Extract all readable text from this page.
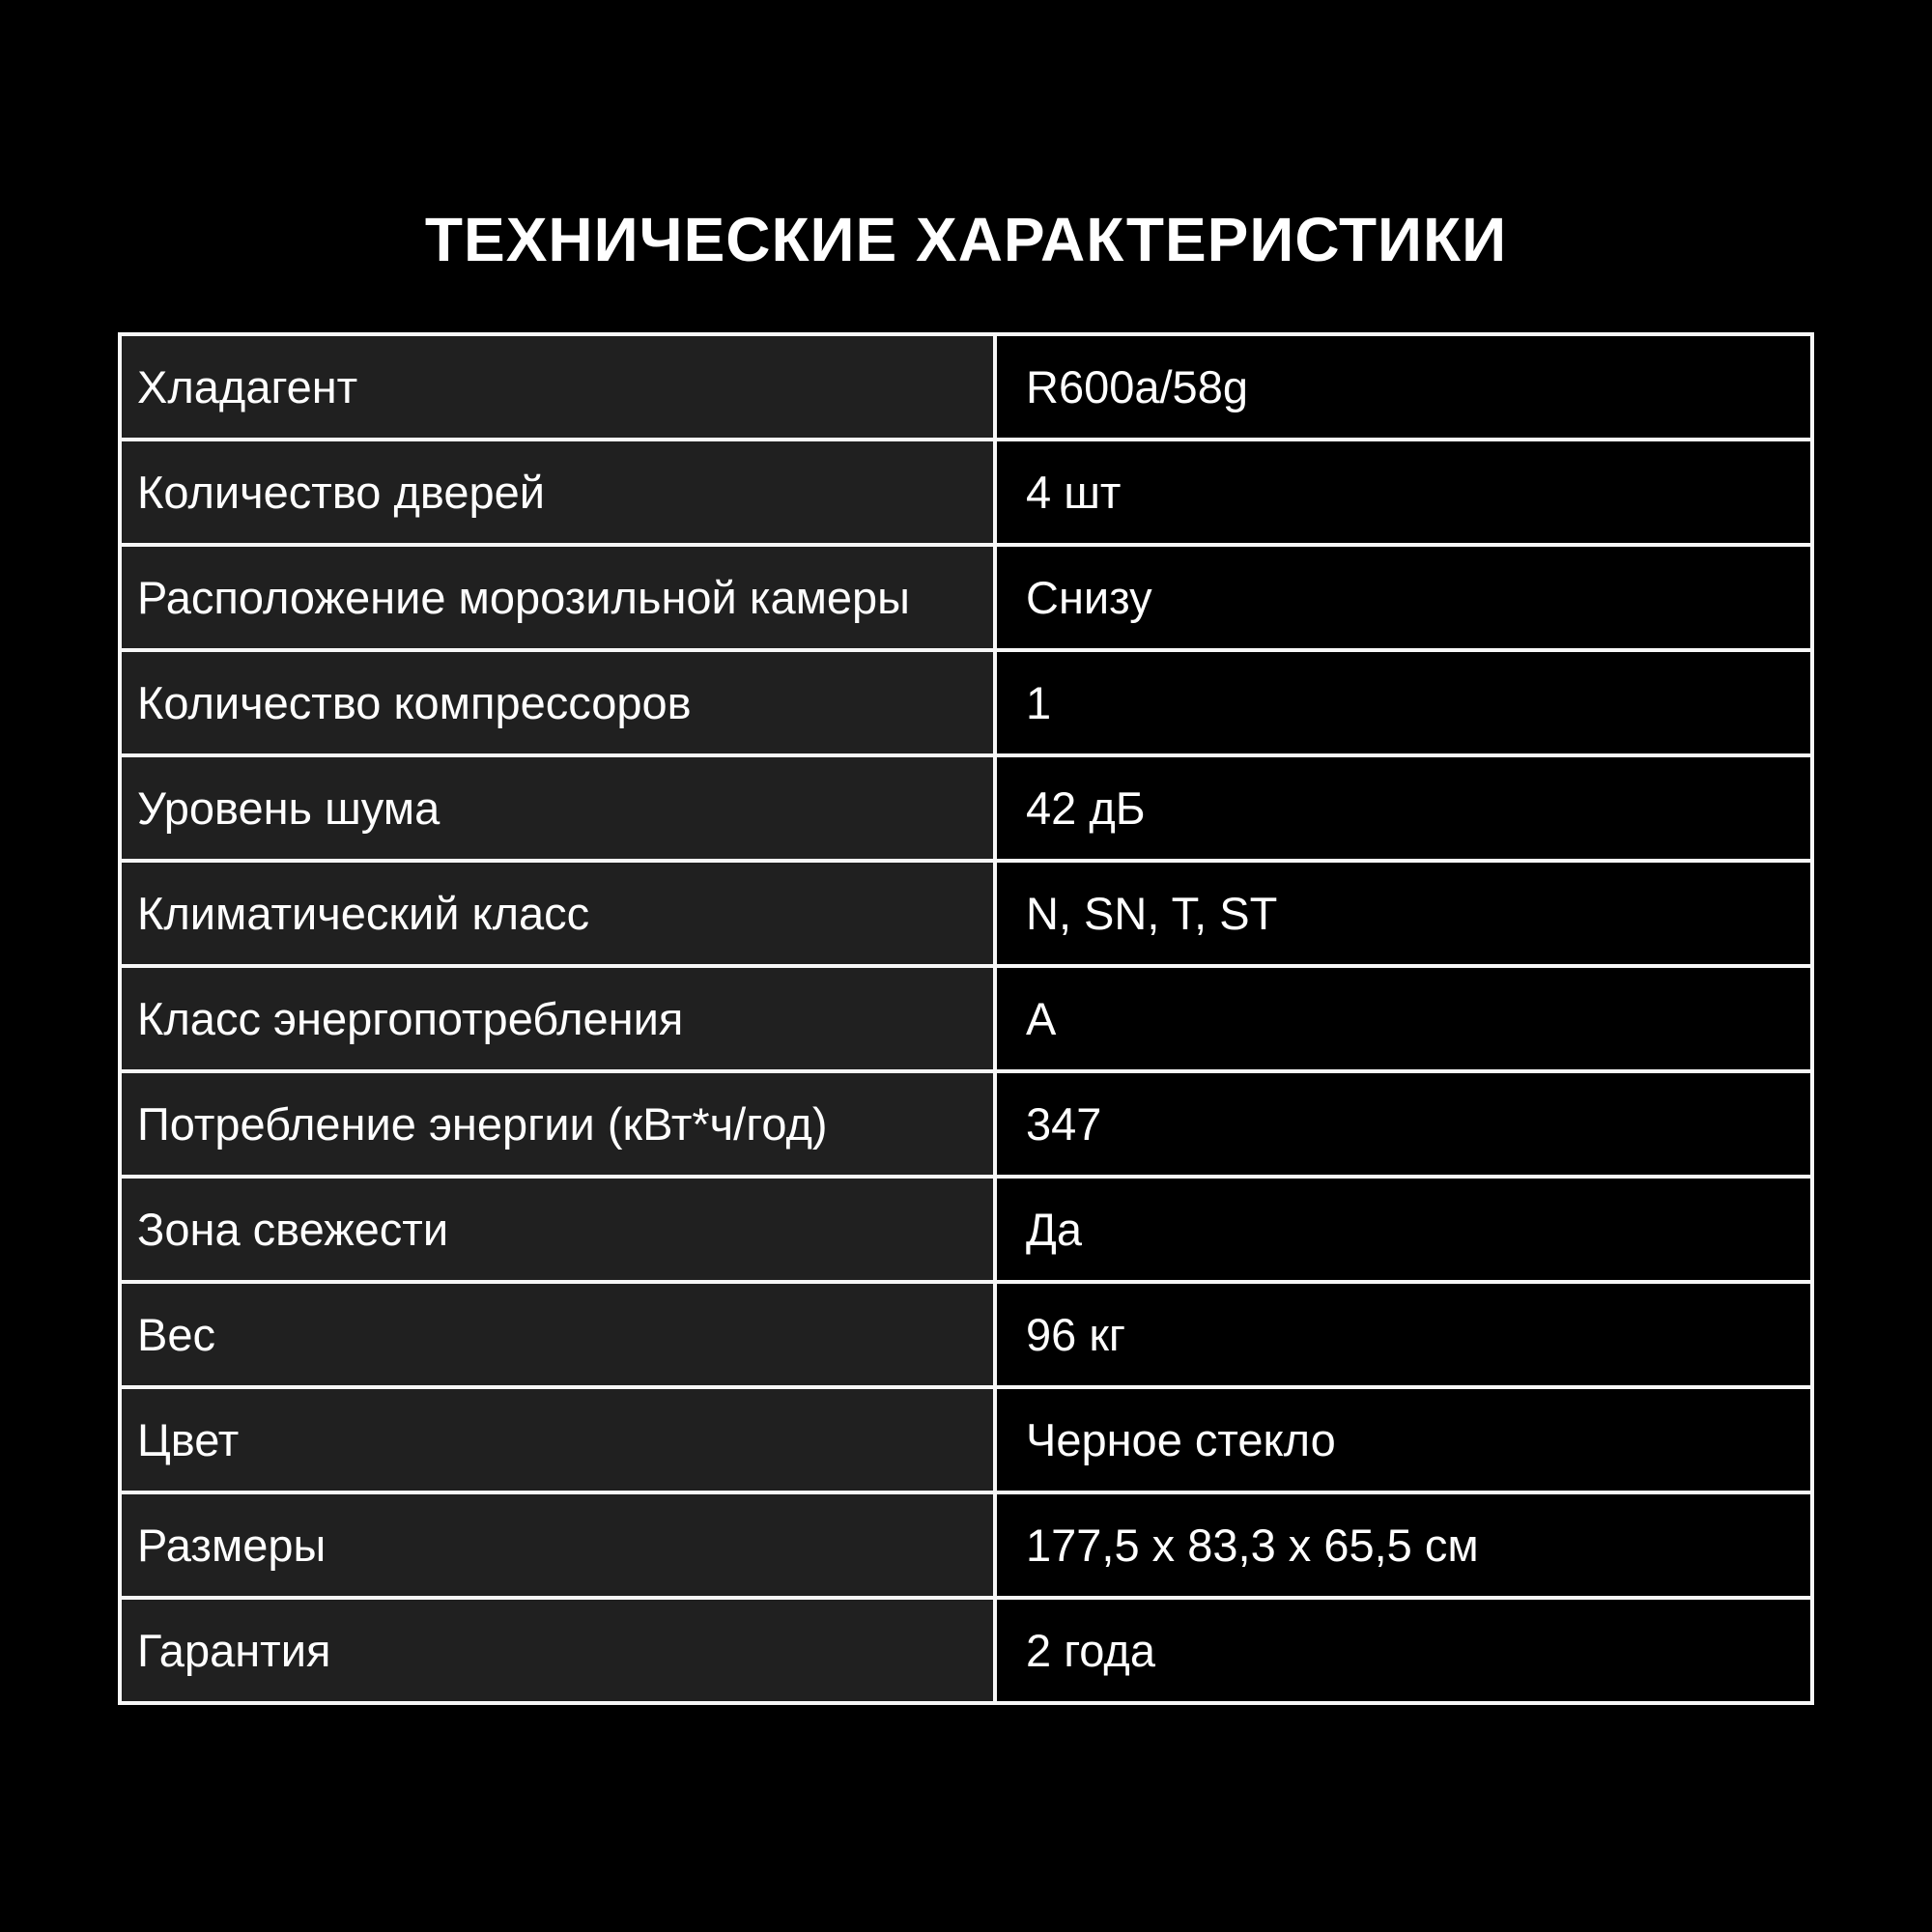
ТЕХНИЧЕСКИЕ ХАРАКТЕРИСТИКИ
Хладагент	R600a/58g
Количество дверей	4 шт
Расположение морозильной камеры	Снизу
Количество компрессоров	1
Уровень шума	42 дБ
Климатический класс	N, SN, T, ST
Класс энергопотребления	A
Потребление энергии (кВт*ч/год)	347
Зона свежести	Да
Вес	96 кг
Цвет	Черное стекло
Размеры	177,5 x 83,3 x 65,5 см
Гарантия	2 года
